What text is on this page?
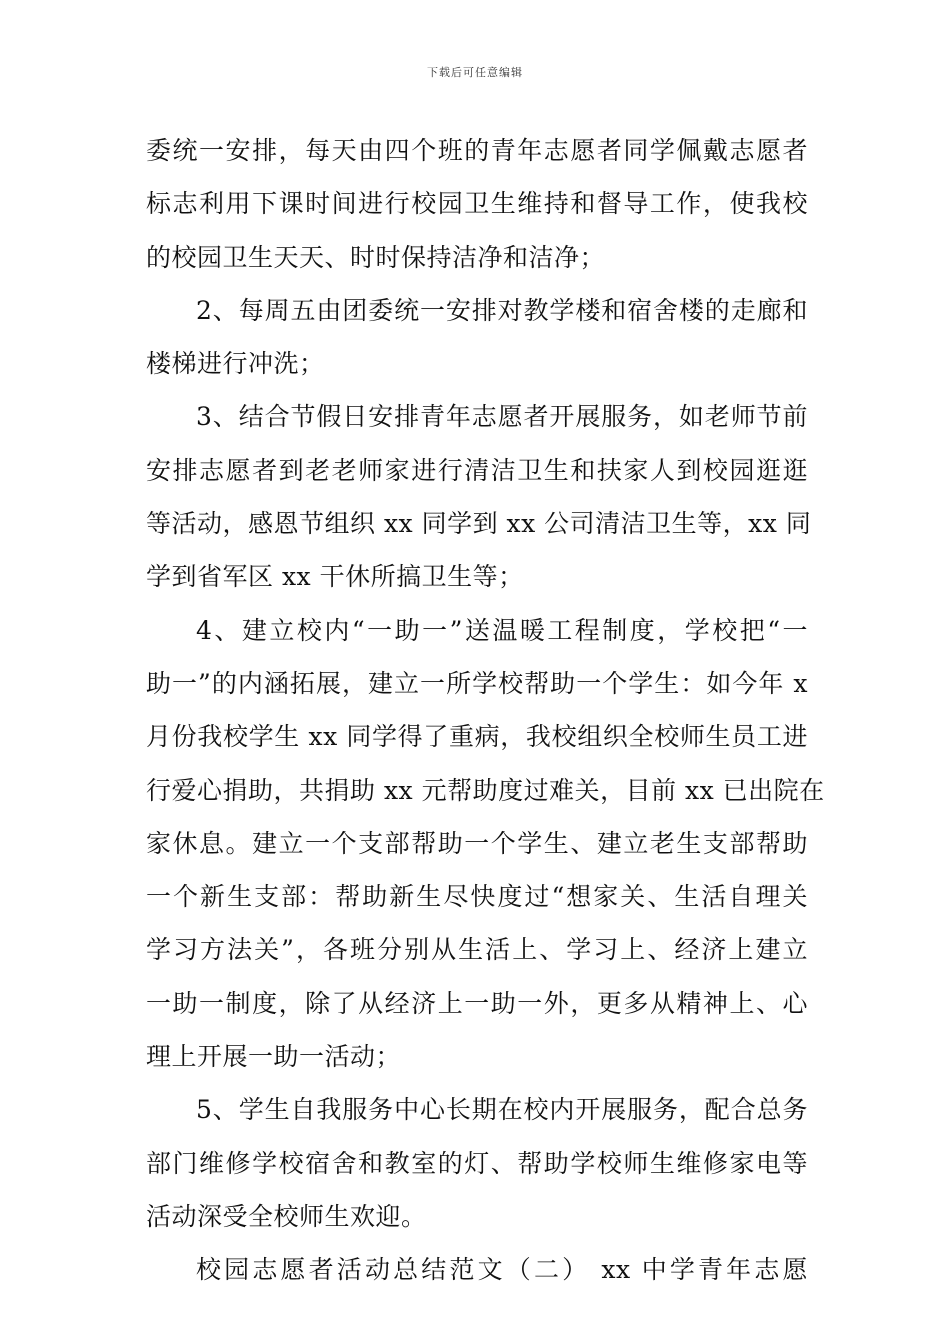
下载后可任意编辑
委统一安排，每天由四个班的青年志愿者同学佩戴志愿者
标志利用下课时间进行校园卫生维持和督导工作，使我校
的校园卫生天天、时时保持洁净和洁净；
2、每周五由团委统一安排对教学楼和宿舍楼的走廊和
楼梯进行冲洗；
3、结合节假日安排青年志愿者开展服务，如老师节前
安排志愿者到老老师家进行清洁卫生和扶家人到校园逛逛
等活动，感恩节组织 xx 同学到 xx 公司清洁卫生等，xx 同
学到省军区 xx 干休所搞卫生等；
4、建立校内“一助一”送温暖工程制度，学校把“一
助一”的内涵拓展，建立一所学校帮助一个学生：如今年 x
月份我校学生 xx 同学得了重病，我校组织全校师生员工进
行爱心捐助，共捐助 xx 元帮助度过难关，目前 xx 已出院在
家休息。建立一个支部帮助一个学生、建立老生支部帮助
一个新生支部：帮助新生尽快度过“想家关、生活自理关
学习方法关”，各班分别从生活上、学习上、经济上建立
一助一制度，除了从经济上一助一外，更多从精神上、心
理上开展一助一活动；
5、学生自我服务中心长期在校内开展服务，配合总务
部门维修学校宿舍和教室的灯、帮助学校师生维修家电等
活动深受全校师生欢迎。
校园志愿者活动总结范文（二） xx 中学青年志愿
